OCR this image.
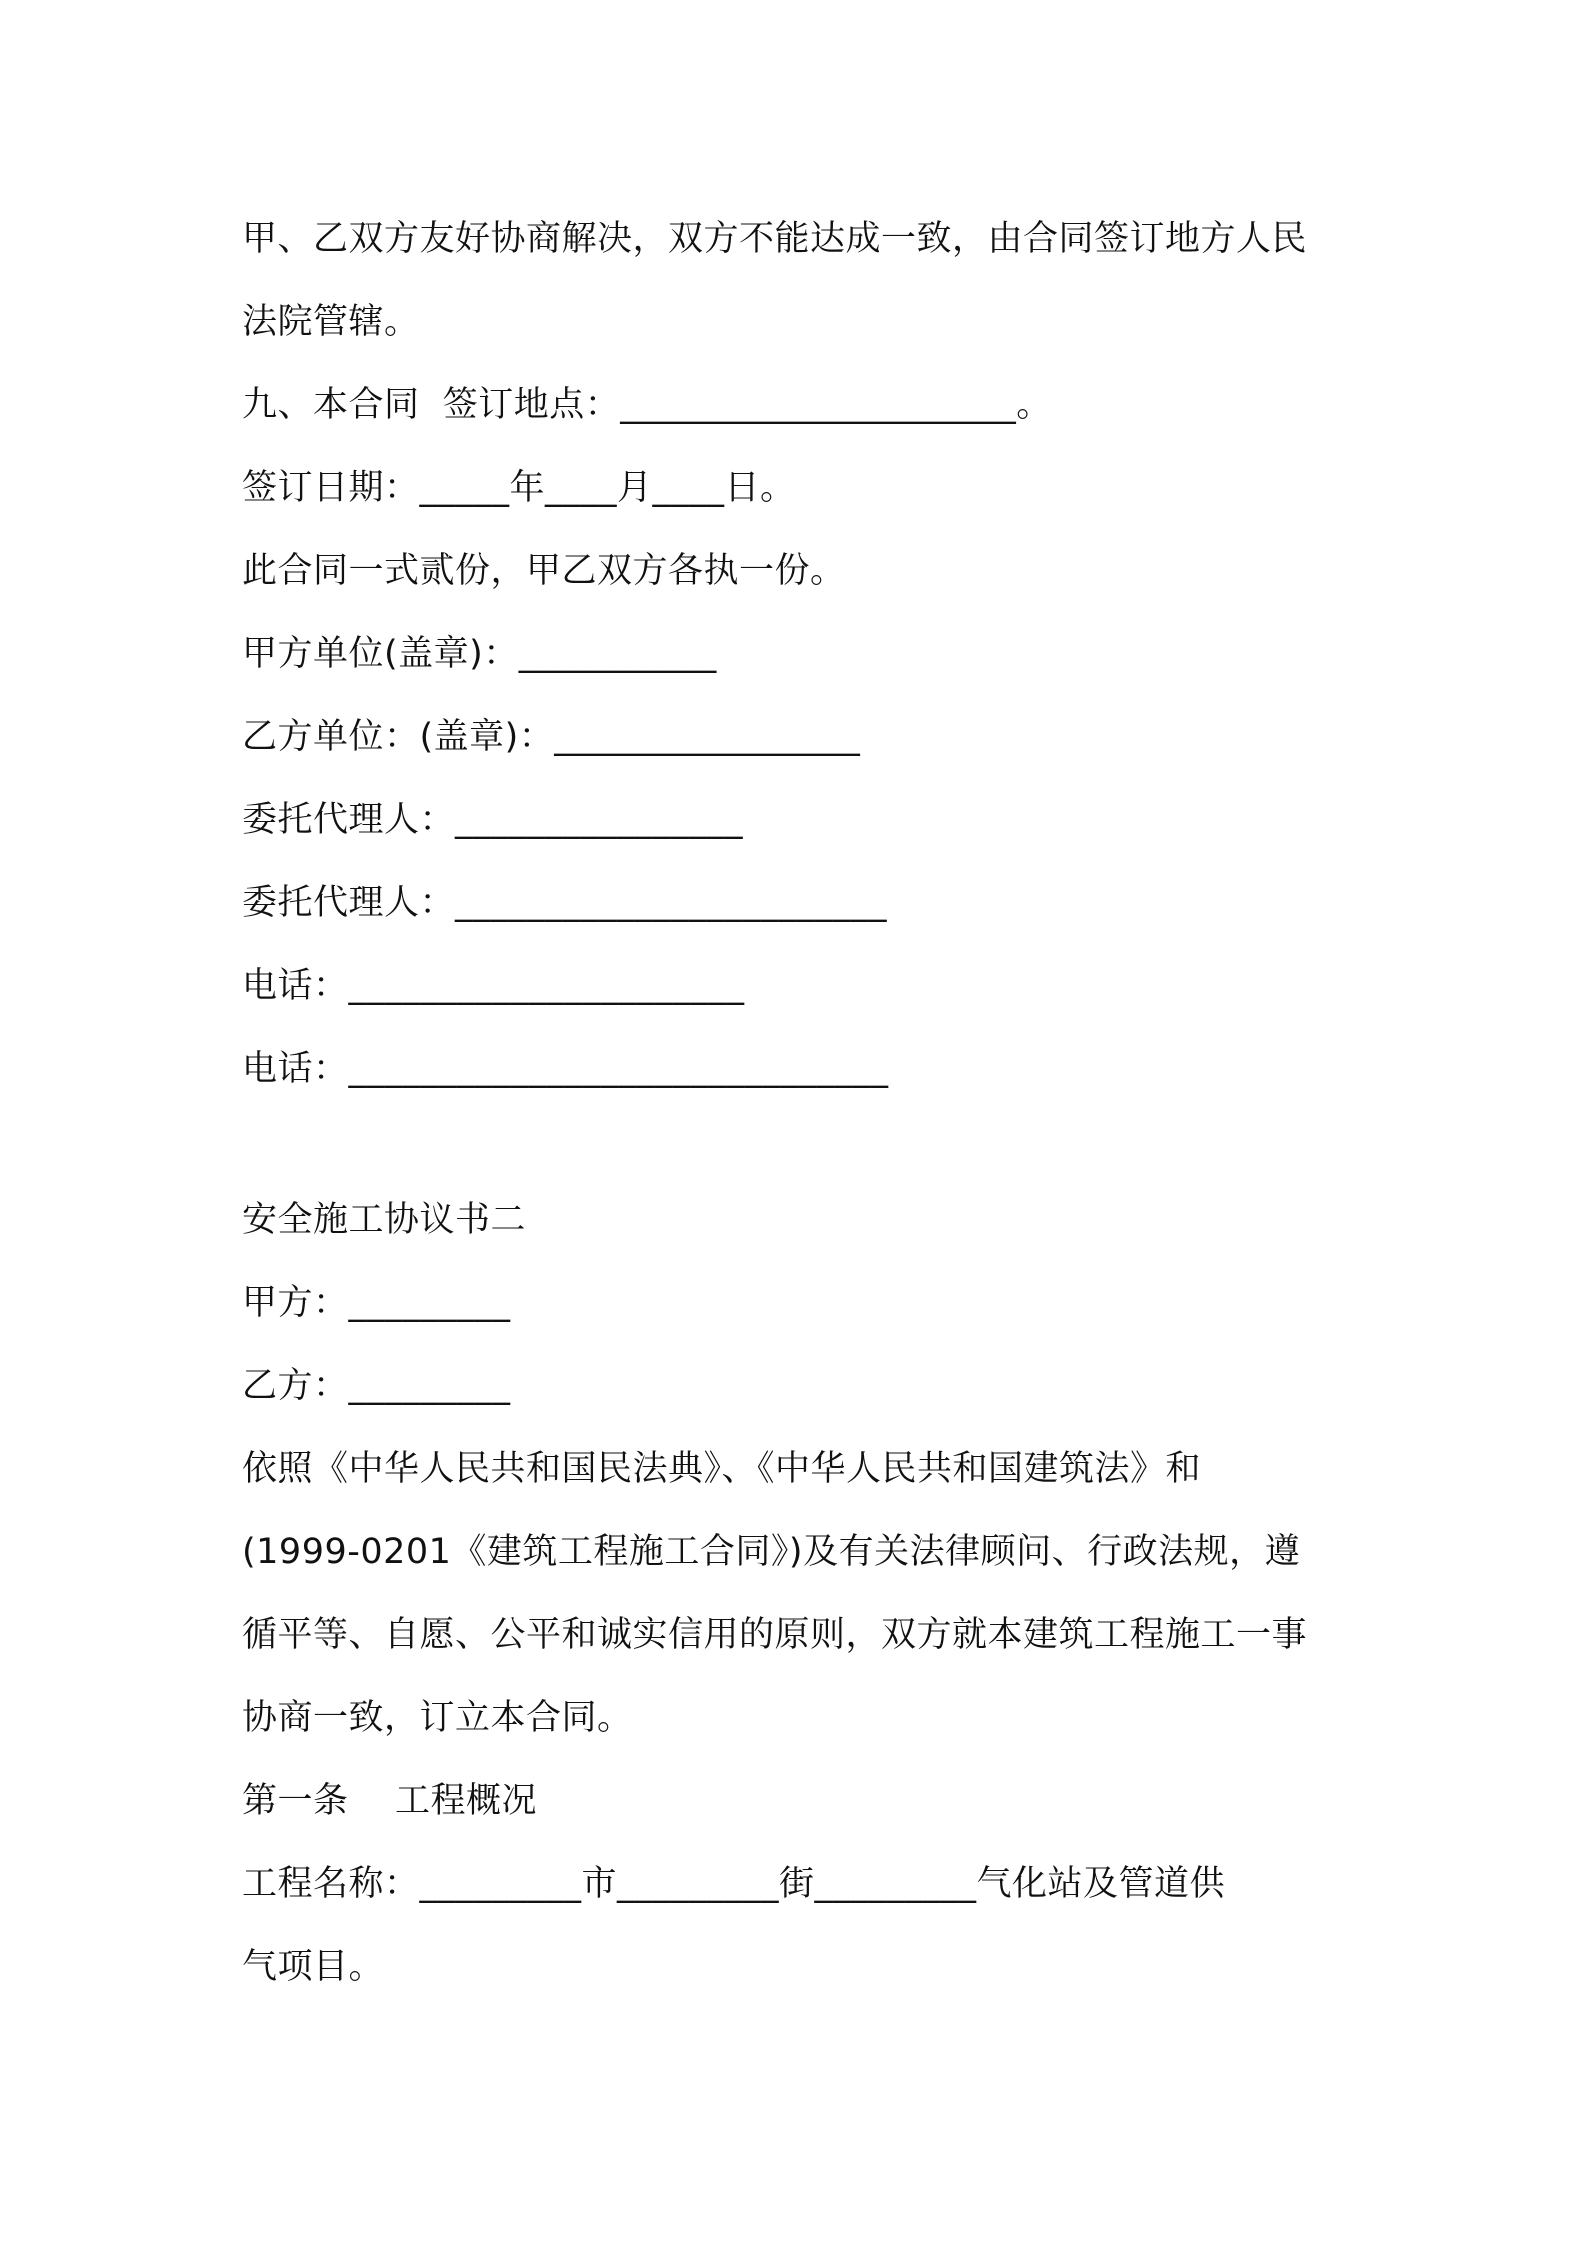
甲、乙双方友好协商解决，双方不能达成一致，由合同签订地方人民
法院管辖。
九、本合同  签订地点：______________________。
签订日期：_____年____月____日。
此合同一式贰份，甲乙双方各执一份。
甲方单位(盖章)：___________
乙方单位：(盖章)：_________________
委托代理人：________________
委托代理人：________________________
电话：______________________
电话：______________________________
安全施工协议书二
甲方：_________
乙方：_________
依照《中华人民共和国民法典》、《中华人民共和国建筑法》和
(1999-0201《建筑工程施工合同》)及有关法律顾问、行政法规，遵
循平等、自愿、公平和诚实信用的原则，双方就本建筑工程施工一事
协商一致，订立本合同。
第一条    工程概况
工程名称：_________市_________街_________气化站及管道供
气项目。
